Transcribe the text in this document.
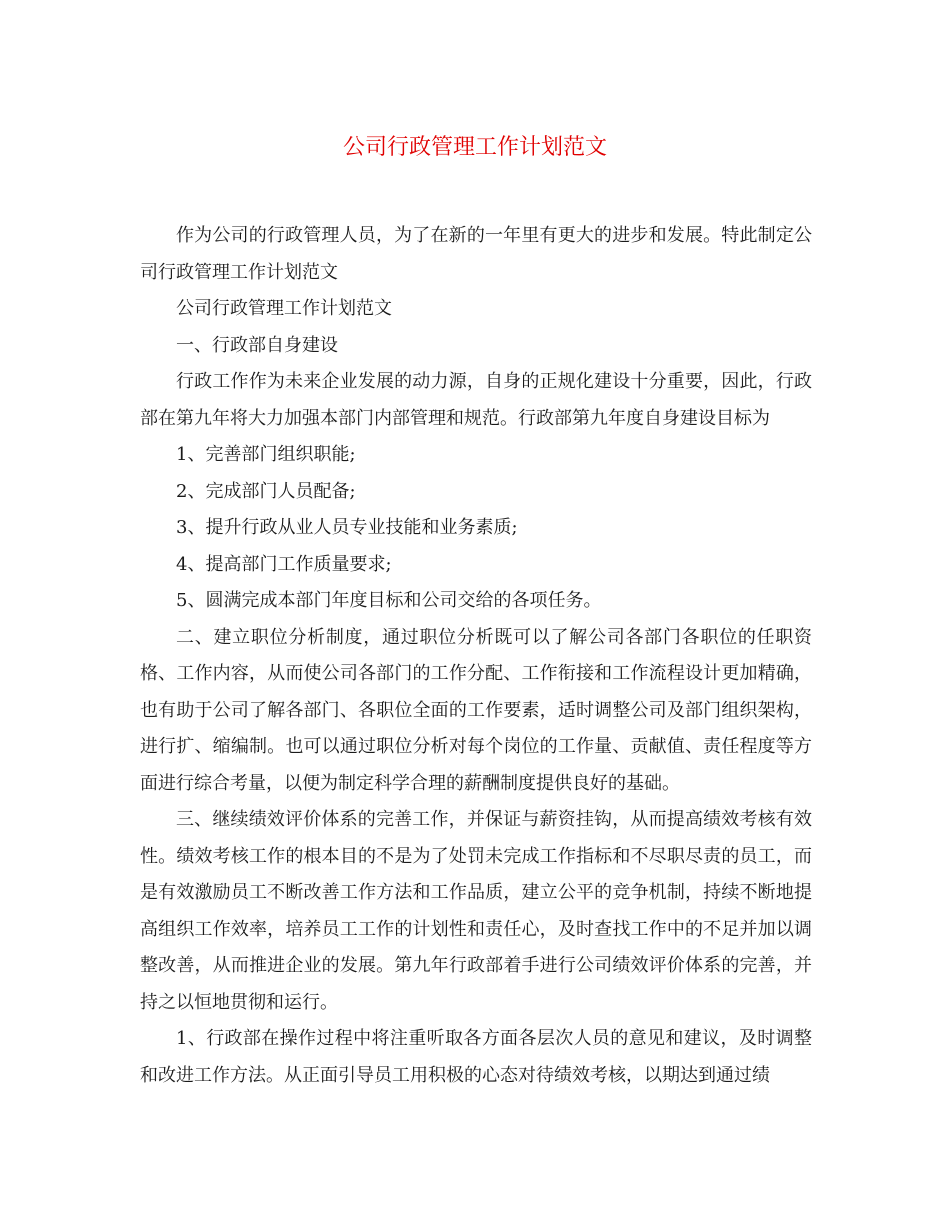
公司行政管理工作计划范文

作为公司的行政管理人员，为了在新的一年里有更大的进步和发展。特此制定公司行政管理工作计划范文

公司行政管理工作计划范文

一、行政部自身建设

行政工作作为未来企业发展的动力源，自身的正规化建设十分重要，因此，行政部在第九年将大力加强本部门内部管理和规范。行政部第九年度自身建设目标为

1、完善部门组织职能;

2、完成部门人员配备;

3、提升行政从业人员专业技能和业务素质;

4、提高部门工作质量要求;

5、圆满完成本部门年度目标和公司交给的各项任务。

二、建立职位分析制度，通过职位分析既可以了解公司各部门各职位的任职资格、工作内容，从而使公司各部门的工作分配、工作衔接和工作流程设计更加精确，也有助于公司了解各部门、各职位全面的工作要素，适时调整公司及部门组织架构，进行扩、缩编制。也可以通过职位分析对每个岗位的工作量、贡献值、责任程度等方面进行综合考量，以便为制定科学合理的薪酬制度提供良好的基础。

三、继续绩效评价体系的完善工作，并保证与薪资挂钩，从而提高绩效考核有效性。绩效考核工作的根本目的不是为了处罚未完成工作指标和不尽职尽责的员工，而是有效激励员工不断改善工作方法和工作品质，建立公平的竞争机制，持续不断地提高组织工作效率，培养员工工作的计划性和责任心，及时查找工作中的不足并加以调整改善，从而推进企业的发展。第九年行政部着手进行公司绩效评价体系的完善，并持之以恒地贯彻和运行。

1、行政部在操作过程中将注重听取各方面各层次人员的意见和建议，及时调整和改进工作方法。从正面引导员工用积极的心态对待绩效考核，以期达到通过绩
